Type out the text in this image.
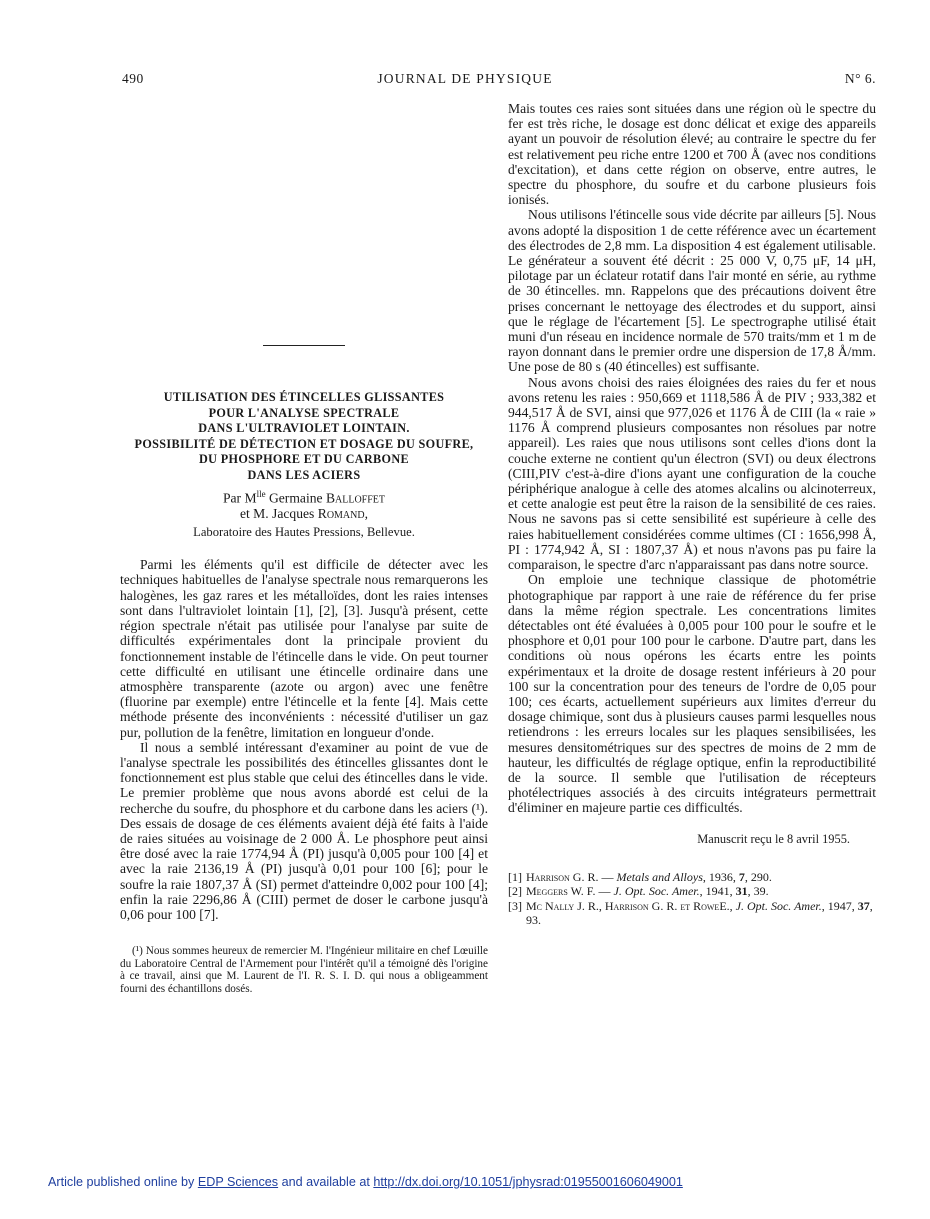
490	JOURNAL DE PHYSIQUE	N° 6.
UTILISATION DES ÉTINCELLES GLISSANTES
POUR L'ANALYSE SPECTRALE
DANS L'ULTRAVIOLET LOINTAIN.
POSSIBILITÉ DE DÉTECTION ET DOSAGE DU SOUFRE,
DU PHOSPHORE ET DU CARBONE
DANS LES ACIERS
Par $M^{lle}$ Germaine Balloffet
et M. Jacques Romand,
Laboratoire des Hautes Pressions, Bellevue.

Parmi les éléments qu'il est difficile de détecter avec les techniques habituelles de l'analyse spectrale nous remarquerons les halogènes, les gaz rares et les métalloïdes, dont les raies intenses sont dans l'ultraviolet lointain [1], [2], [3]. Jusqu'à présent, cette région spectrale n'était pas utilisée pour l'analyse par suite de difficultés expérimentales dont la principale provient du fonctionnement instable de l'étincelle dans le vide. On peut tourner cette difficulté en utilisant une étincelle ordinaire dans une atmosphère transparente (azote ou argon) avec une fenêtre (fluorine par exemple) entre l'étincelle et la fente [4]. Mais cette méthode présente des inconvénients : nécessité d'utiliser un gaz pur, pollution de la fenêtre, limitation en longueur d'onde.

Il nous a semblé intéressant d'examiner au point de vue de l'analyse spectrale les possibilités des étincelles glissantes dont le fonctionnement est plus stable que celui des étincelles dans le vide. Le premier problème que nous avons abordé est celui de la recherche du soufre, du phosphore et du carbone dans les aciers (¹). Des essais de dosage de ces éléments avaient déjà été faits à l'aide de raies situées au voisinage de 2 000 Å. Le phosphore peut ainsi être dosé avec la raie 1774,94 Å (PI) jusqu'à 0,005 pour 100 [4] et avec la raie 2136,19 Å (PI) jusqu'à 0,01 pour 100 [6]; pour le soufre la raie 1807,37 Å (SI) permet d'atteindre 0,002 pour 100 [4]; enfin la raie 2296,86 Å (CIII) permet de doser le carbone jusqu'à 0,06 pour 100 [7].

(¹) Nous sommes heureux de remercier M. l'Ingénieur militaire en chef Lœuille du Laboratoire Central de l'Armement pour l'intérêt qu'il a témoigné dès l'origine à ce travail, ainsi que M. Laurent de l'I. R. S. I. D. qui nous a obligeamment fourni des échantillons dosés.

Mais toutes ces raies sont situées dans une région où le spectre du fer est très riche, le dosage est donc délicat et exige des appareils ayant un pouvoir de résolution élevé; au contraire le spectre du fer est relativement peu riche entre 1200 et 700 Å (avec nos conditions d'excitation), et dans cette région on observe, entre autres, le spectre du phosphore, du soufre et du carbone plusieurs fois ionisés.

Nous utilisons l'étincelle sous vide décrite par ailleurs [5]. Nous avons adopté la disposition 1 de cette référence avec un écartement des électrodes de 2,8 mm. La disposition 4 est également utilisable. Le générateur a souvent été décrit : 25 000 V, 0,75 μF, 14 μH, pilotage par un éclateur rotatif dans l'air monté en série, au rythme de 30 étincelles. mn. Rappelons que des précautions doivent être prises concernant le nettoyage des électrodes et du support, ainsi que le réglage de l'écartement [5]. Le spectrographe utilisé était muni d'un réseau en incidence normale de 570 traits/mm et 1 m de rayon donnant dans le premier ordre une dispersion de 17,8 Å/mm. Une pose de 80 s (40 étincelles) est suffisante.

Nous avons choisi des raies éloignées des raies du fer et nous avons retenu les raies : 950,669 et 1118,586 Å de PIV ; 933,382 et 944,517 Å de SVI, ainsi que 977,026 et 1176 Å de CIII (la « raie » 1176 Å comprend plusieurs composantes non résolues par notre appareil). Les raies que nous utilisons sont celles d'ions dont la couche externe ne contient qu'un électron (SVI) ou deux électrons (CIII,PIV c'est-à-dire d'ions ayant une configuration de la couche périphérique analogue à celle des atomes alcalins ou alcinoterreux, et cette analogie est peut être la raison de la sensibilité de ces raies. Nous ne savons pas si cette sensibilité est supérieure à celle des raies habituellement considérées comme ultimes (CI : 1656,998 Å, PI : 1774,942 Å, SI : 1807,37 Å) et nous n'avons pas pu faire la comparaison, le spectre d'arc n'apparaissant pas dans notre source.

On emploie une technique classique de photométrie photographique par rapport à une raie de référence du fer prise dans la même région spectrale. Les concentrations limites détectables ont été évaluées à 0,005 pour 100 pour le soufre et le phosphore et 0,01 pour 100 pour le carbone. D'autre part, dans les conditions où nous opérons les écarts entre les points expérimentaux et la droite de dosage restent inférieurs à 20 pour 100 sur la concentration pour des teneurs de l'ordre de 0,05 pour 100; ces écarts, actuellement supérieurs aux limites d'erreur du dosage chimique, sont dus à plusieurs causes parmi lesquelles nous retiendrons : les erreurs locales sur les plaques sensibilisées, les mesures densitométriques sur des spectres de moins de 2 mm de hauteur, les difficultés de réglage optique, enfin la reproductibilité de la source. Il semble que l'utilisation de récepteurs photélectriques associés à des circuits intégrateurs permettrait d'éliminer en majeure partie ces difficultés.

Manuscrit reçu le 8 avril 1955.
[1] Harrison G. R. — Metals and Alloys, 1936, 7, 290.
[2] Meggers W. F. — J. Opt. Soc. Amer., 1941, 31, 39.
[3] Mc Nally J. R., Harrison G. R. et RoweE., J. Opt. Soc. Amer., 1947, 37, 93.
Article published online by EDP Sciences and available at http://dx.doi.org/10.1051/jphysrad:01955001606049001
